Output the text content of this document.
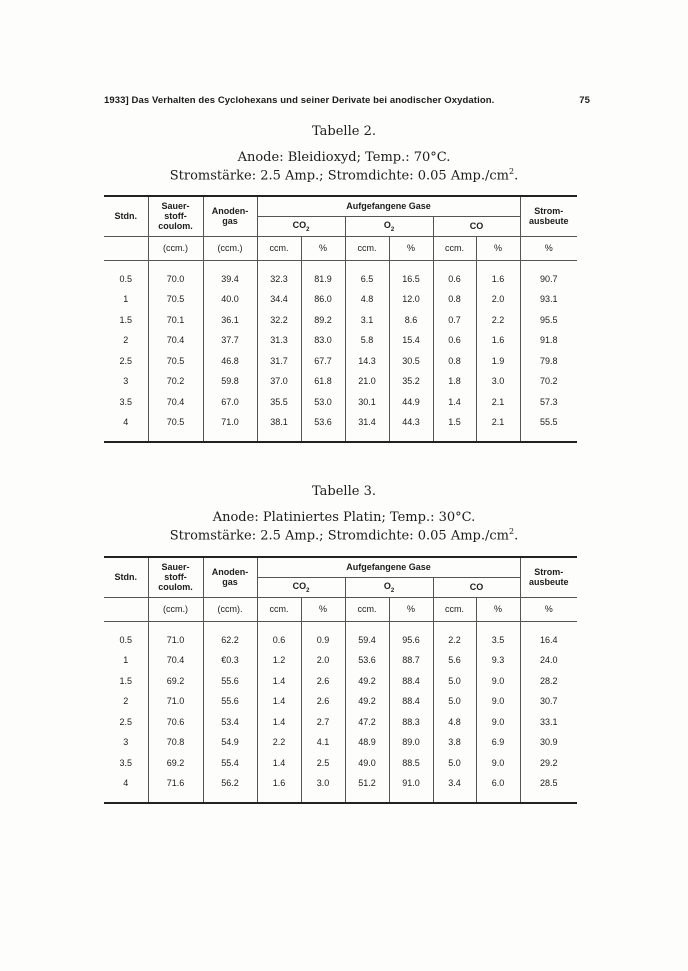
1933] Das Verhalten des Cyclohexans und seiner Derivate bei anodischer Oxydation.	75
Tabelle 2.
Anode: Bleidioxyd; Temp.: 70°C.
Stromstärke: 2.5 Amp.; Stromdichte: 0.05 $Amp./cm^2$.
Stdn.	Sauer-
stoff-
coulom.	Anoden-
gas	Aufgefangene Gase						Strom-
ausbeute
			$CO_2$		$O_2$		CO		
	(ccm.)	(ccm.)	ccm.	%	ccm.	%	ccm.	%	%
0.5	70.0	39.4	32.3	81.9	6.5	16.5	0.6	1.6	90.7
1	70.5	40.0	34.4	86.0	4.8	12.0	0.8	2.0	93.1
1.5	70.1	36.1	32.2	89.2	3.1	8.6	0.7	2.2	95.5
2	70.4	37.7	31.3	83.0	5.8	15.4	0.6	1.6	91.8
2.5	70.5	46.8	31.7	67.7	14.3	30.5	0.8	1.9	79.8
3	70.2	59.8	37.0	61.8	21.0	35.2	1.8	3.0	70.2
3.5	70.4	67.0	35.5	53.0	30.1	44.9	1.4	2.1	57.3
4	70.5	71.0	38.1	53.6	31.4	44.3	1.5	2.1	55.5
Tabelle 3.
Anode: Platiniertes Platin; Temp.: 30°C.
Stromstärke: 2.5 Amp.; Stromdichte: 0.05 $Amp./cm^2$.
Stdn.	Sauer-
stoff-
coulom.	Anoden-
gas	Aufgefangene Gase						Strom-
ausbeute
			$CO_2$		$O_2$		CO		
	(ccm.)	(ccm).	ccm.	%	ccm.	%	ccm.	%	%
0.5	71.0	62.2	0.6	0.9	59.4	95.6	2.2	3.5	16.4
1	70.4	€0.3	1.2	2.0	53.6	88.7	5.6	9.3	24.0
1.5	69.2	55.6	1.4	2.6	49.2	88.4	5.0	9.0	28.2
2	71.0	55.6	1.4	2.6	49.2	88.4	5.0	9.0	30.7
2.5	70.6	53.4	1.4	2.7	47.2	88.3	4.8	9.0	33.1
3	70.8	54.9	2.2	4.1	48.9	89.0	3.8	6.9	30.9
3.5	69.2	55.4	1.4	2.5	49.0	88.5	5.0	9.0	29.2
4	71.6	56.2	1.6	3.0	51.2	91.0	3.4	6.0	28.5
